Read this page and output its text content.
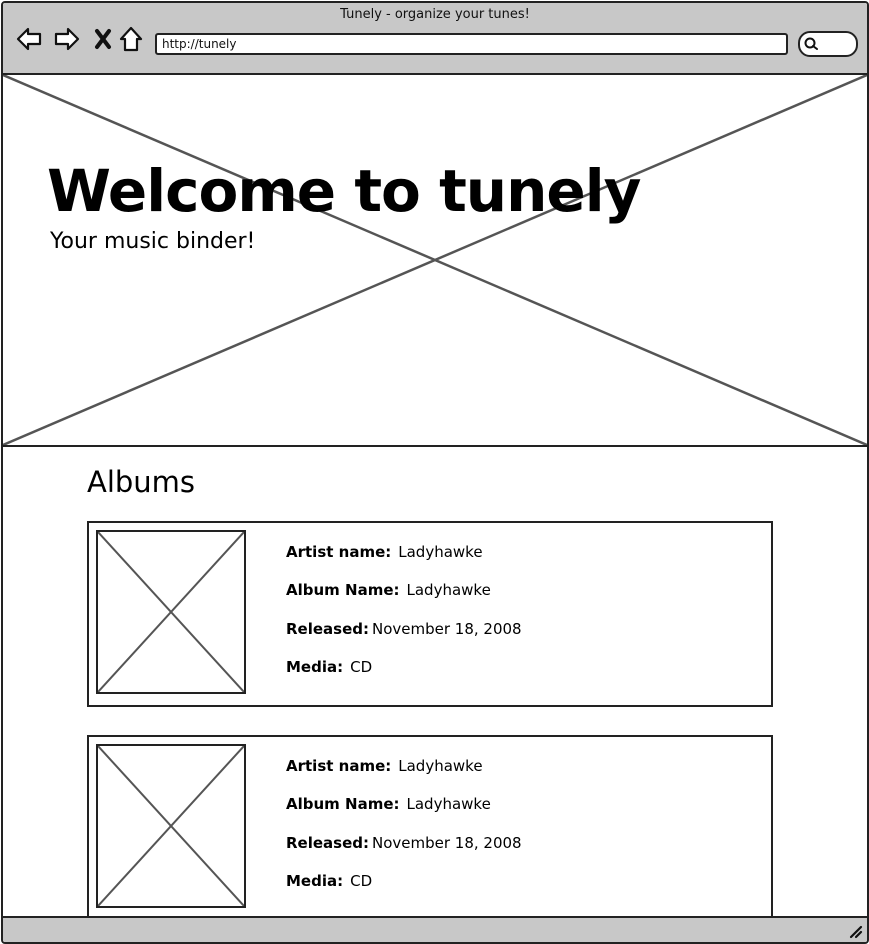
Tunely - organize your tunes!
http://tunely
Welcome to tunely
Your music binder!
Albums
Artist name: Ladyhawke
Album Name: Ladyhawke
Released: November 18, 2008
Media: CD
Artist name: Ladyhawke
Album Name: Ladyhawke
Released: November 18, 2008
Media: CD
